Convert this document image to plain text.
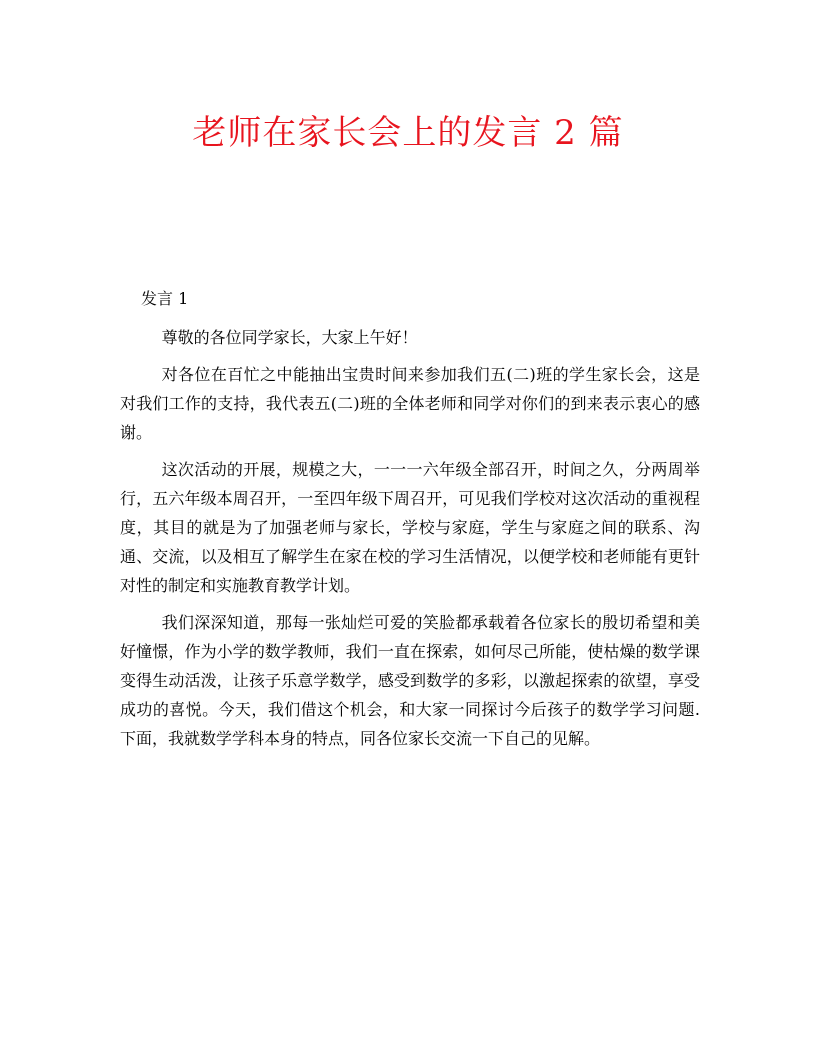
老师在家长会上的发言 2 篇
发言 1

尊敬的各位同学家长，大家上午好！

对各位在百忙之中能抽出宝贵时间来参加我们五(二)班的学生家长会，这是对我们工作的支持，我代表五(二)班的全体老师和同学对你们的到来表示衷心的感谢。

这次活动的开展，规模之大，一一一六年级全部召开，时间之久，分两周举行，五六年级本周召开，一至四年级下周召开，可见我们学校对这次活动的重视程度，其目的就是为了加强老师与家长，学校与家庭，学生与家庭之间的联系、沟通、交流，以及相互了解学生在家在校的学习生活情况，以便学校和老师能有更针对性的制定和实施教育教学计划。

我们深深知道，那每一张灿烂可爱的笑脸都承载着各位家长的殷切希望和美好憧憬，作为小学的数学教师，我们一直在探索，如何尽己所能，使枯燥的数学课变得生动活泼，让孩子乐意学数学，感受到数学的多彩，以激起探索的欲望，享受成功的喜悦。今天，我们借这个机会，和大家一同探讨今后孩子的数学学习问题. 下面，我就数学学科本身的特点，同各位家长交流一下自己的见解。
